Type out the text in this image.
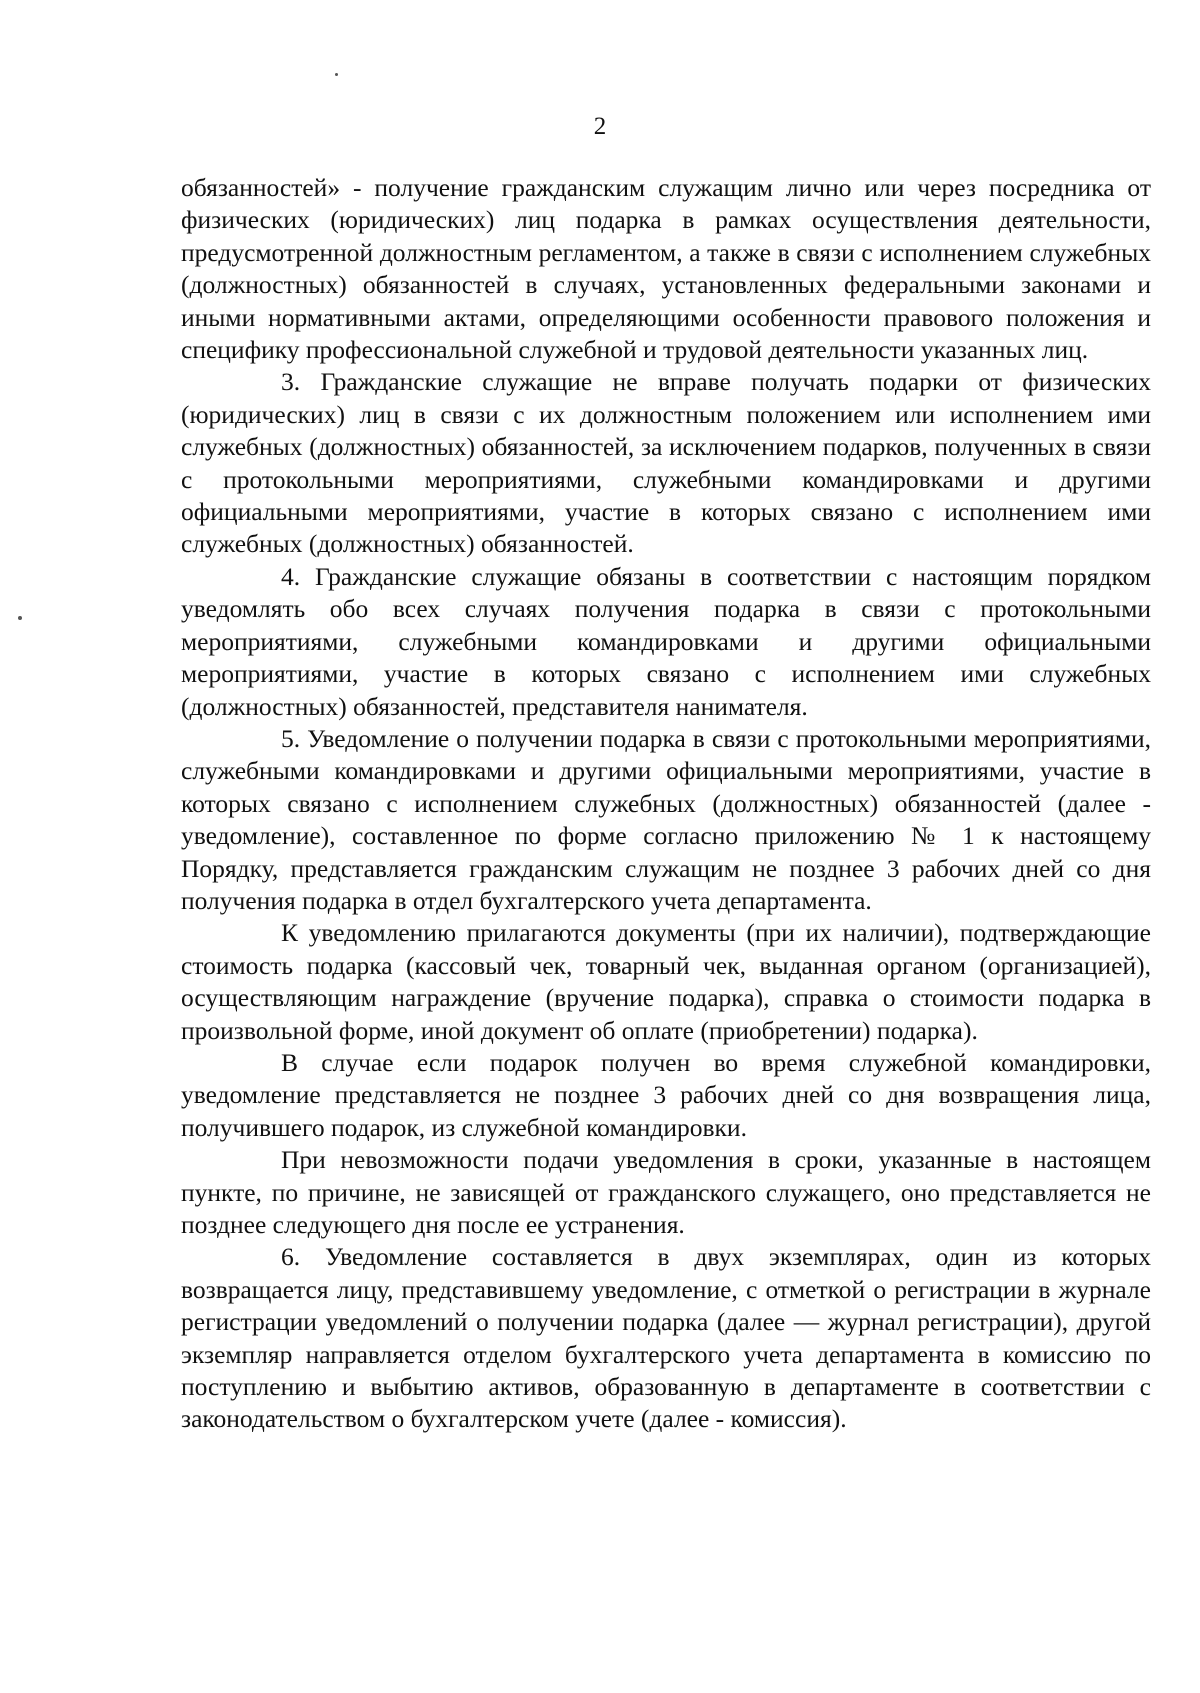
2

обязанностей» - получение гражданским служащим лично или через посредника от физических (юридических) лиц подарка в рамках осуществления деятельности, предусмотренной должностным регламентом, а также в связи с исполнением служебных (должностных) обязанностей в случаях, установленных федеральными законами и иными нормативными актами, определяющими особенности правового положения и специфику профессиональной служебной и трудовой деятельности указанных лиц.

3. Гражданские служащие не вправе получать подарки от физических (юридических) лиц в связи с их должностным положением или исполнением ими служебных (должностных) обязанностей, за исключением подарков, полученных в связи с протокольными мероприятиями, служебными командировками и другими официальными мероприятиями, участие в которых связано с исполнением ими служебных (должностных) обязанностей.

4. Гражданские служащие обязаны в соответствии с настоящим порядком уведомлять обо всех случаях получения подарка в связи с протокольными мероприятиями, служебными командировками и другими официальными мероприятиями, участие в которых связано с исполнением ими служебных (должностных) обязанностей, представителя нанимателя.

5. Уведомление о получении подарка в связи с протокольными мероприятиями, служебными командировками и другими официальными мероприятиями, участие в которых связано с исполнением служебных (должностных) обязанностей (далее - уведомление), составленное по форме согласно приложению № 1 к настоящему Порядку, представляется гражданским служащим не позднее 3 рабочих дней со дня получения подарка в отдел бухгалтерского учета департамента.

К уведомлению прилагаются документы (при их наличии), подтверждающие стоимость подарка (кассовый чек, товарный чек, выданная органом (организацией), осуществляющим награждение (вручение подарка), справка о стоимости подарка в произвольной форме, иной документ об оплате (приобретении) подарка).

В случае если подарок получен во время служебной командировки, уведомление представляется не позднее 3 рабочих дней со дня возвращения лица, получившего подарок, из служебной командировки.

При невозможности подачи уведомления в сроки, указанные в настоящем пункте, по причине, не зависящей от гражданского служащего, оно представляется не позднее следующего дня после ее устранения.

6. Уведомление составляется в двух экземплярах, один из которых возвращается лицу, представившему уведомление, с отметкой о регистрации в журнале регистрации уведомлений о получении подарка (далее — журнал регистрации), другой экземпляр направляется отделом бухгалтерского учета департамента в комиссию по поступлению и выбытию активов, образованную в департаменте в соответствии с законодательством о бухгалтерском учете (далее - комиссия).
